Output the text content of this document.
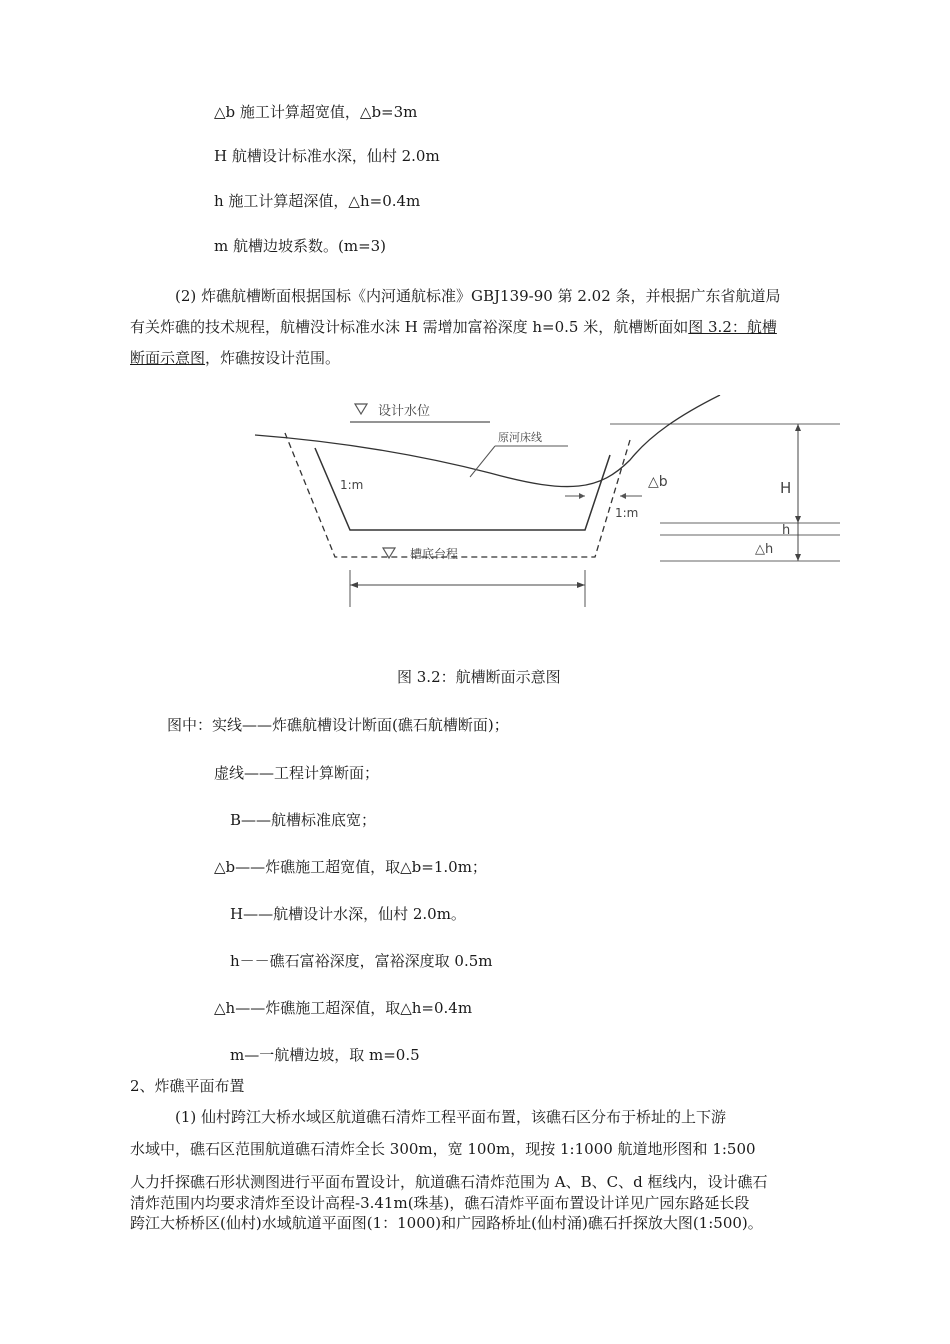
△b 施工计算超宽值，△b=3m
H 航槽设计标准水深，仙村 2.0m
h 施工计算超深值，△h=0.4m
m 航槽边坡系数。(m=3)
(2) 炸礁航槽断面根据国标《内河通航标准》GBJ139-90 第 2.02 条，并根据广东省航道局
有关炸礁的技术规程，航槽没计标准水沫 H 需增加富裕深度 h=0.5 米，航槽断面如图 3.2：航槽
断面示意图，炸礁按设计范围。
设计水位
原河床线
1:m
1:m
△b
槽底台程
H
h
△h
图 3.2：航槽断面示意图
图中：实线——炸礁航槽设计断面(礁石航槽断面)；
虚线——工程计算断面；
B——航槽标准底宽；
△b——炸礁施工超宽值，取△b=1.0m；
H——航槽设计水深，仙村 2.0m。
h－－礁石富裕深度，富裕深度取 0.5m
△h——炸礁施工超深值，取△h=0.4m
m—一航槽边坡，取 m=0.5
2、炸礁平面布置
(1) 仙村跨江大桥水域区航道礁石清炸工程平面布置，该礁石区分布于桥址的上下游
水域中，礁石区范围航道礁石清炸全长 300m，宽 100m，现按 1:1000 航道地形图和 1:500
人力扦探礁石形状测图进行平面布置设计，航道礁石清炸范围为 A、B、C、d 框线内，设计礁石
清炸范围内均要求清炸至设计高程-3.41m(珠基)，礁石清炸平面布置设计详见广园东路延长段
跨江大桥桥区(仙村)水域航道平面图(1：1000)和广园路桥址(仙村涌)礁石扦探放大图(1:500)。
